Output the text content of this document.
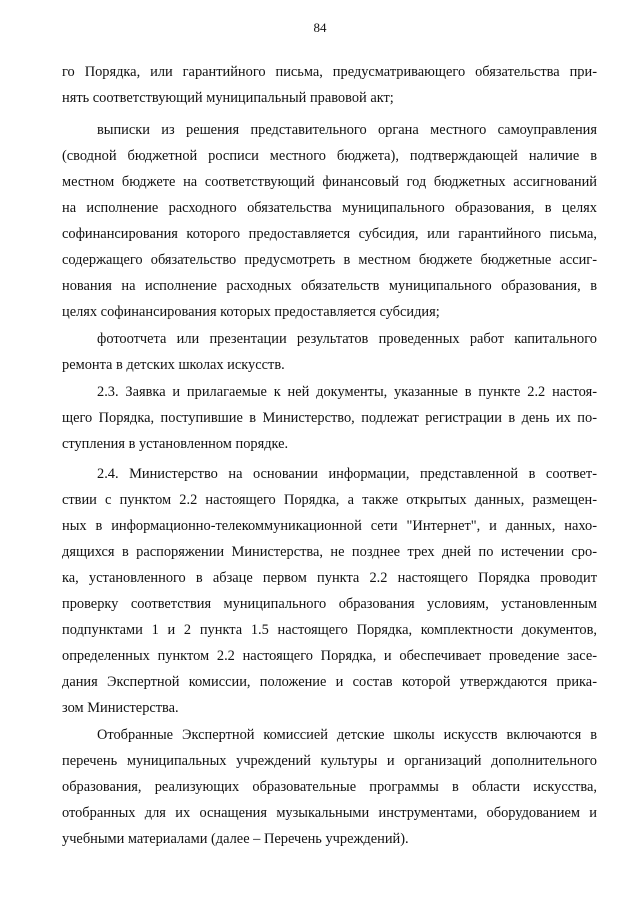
84
го Порядка, или гарантийного письма, предусматривающего обязательства при-
нять соответствующий муниципальный правовой акт;
выписки из решения представительного органа местного самоуправления
(сводной бюджетной росписи местного бюджета), подтверждающей наличие в
местном бюджете на соответствующий финансовый год бюджетных ассигнований
на исполнение расходного обязательства муниципального образования, в целях
софинансирования которого предоставляется субсидия, или гарантийного письма,
содержащего обязательство предусмотреть в местном бюджете бюджетные ассиг-
нования на исполнение расходных обязательств муниципального образования, в
целях софинансирования которых предоставляется субсидия;
фотоотчета или презентации результатов проведенных работ капитального
ремонта в детских школах искусств.
2.3. Заявка и прилагаемые к ней документы, указанные в пункте 2.2 настоя-
щего Порядка, поступившие в Министерство, подлежат регистрации в день их по-
ступления в установленном порядке.
2.4. Министерство на основании информации, представленной в соответ-
ствии с пунктом 2.2 настоящего Порядка, а также открытых данных, размещен-
ных в информационно-телекоммуникационной сети "Интернет", и данных, нахо-
дящихся в распоряжении Министерства, не позднее трех дней по истечении сро-
ка, установленного в абзаце первом пункта 2.2 настоящего Порядка проводит
проверку соответствия муниципального образования условиям, установленным
подпунктами 1 и 2 пункта 1.5 настоящего Порядка, комплектности документов,
определенных пунктом 2.2 настоящего Порядка, и обеспечивает проведение засе-
дания Экспертной комиссии, положение и состав которой утверждаются прика-
зом Министерства.
Отобранные Экспертной комиссией детские школы искусств включаются в
перечень муниципальных учреждений культуры и организаций дополнительного
образования, реализующих образовательные программы в области искусства,
отобранных для их оснащения музыкальными инструментами, оборудованием и
учебными материалами (далее – Перечень учреждений).
